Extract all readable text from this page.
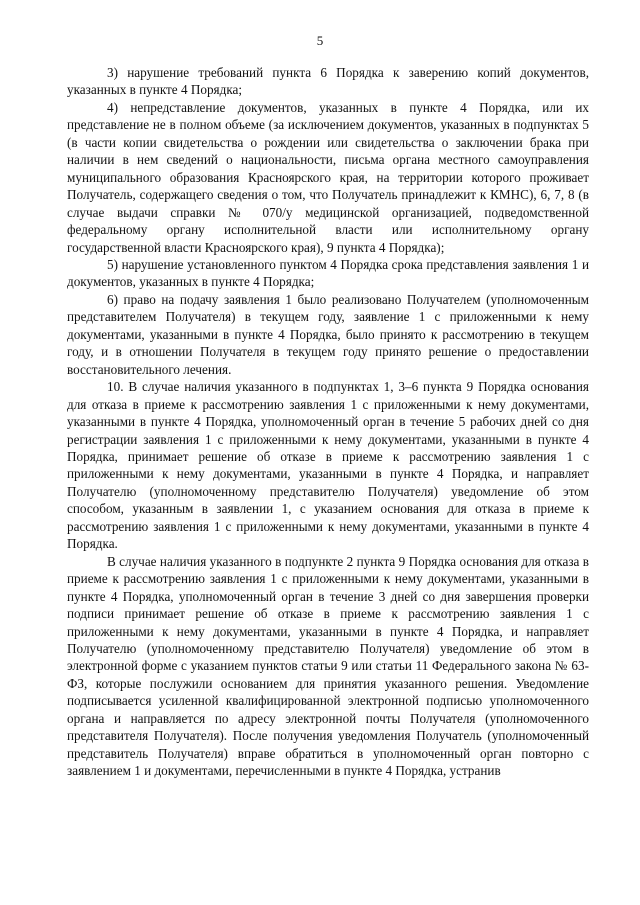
5

3) нарушение требований пункта 6 Порядка к заверению копий документов, указанных в пункте 4 Порядка;

4) непредставление документов, указанных в пункте 4 Порядка, или их представление не в полном объеме (за исключением документов, указанных в подпунктах 5 (в части копии свидетельства о рождении или свидетельства о заключении брака при наличии в нем сведений о национальности, письма органа местного самоуправления муниципального образования Красноярского края, на территории которого проживает Получатель, содержащего сведения о том, что Получатель принадлежит к КМНС), 6, 7, 8 (в случае выдачи справки № 070/у медицинской организацией, подведомственной федеральному органу исполнительной власти или исполнительному органу государственной власти Красноярского края), 9 пункта 4 Порядка);

5) нарушение установленного пунктом 4 Порядка срока представления заявления 1 и документов, указанных в пункте 4 Порядка;

6) право на подачу заявления 1 было реализовано Получателем (уполномоченным представителем Получателя) в текущем году, заявление 1 с приложенными к нему документами, указанными в пункте 4 Порядка, было принято к рассмотрению в текущем году, и в отношении Получателя в текущем году принято решение о предоставлении восстановительного лечения.

10. В случае наличия указанного в подпунктах 1, 3–6 пункта 9 Порядка основания для отказа в приеме к рассмотрению заявления 1 с приложенными к нему документами, указанными в пункте 4 Порядка, уполномоченный орган в течение 5 рабочих дней со дня регистрации заявления 1 с приложенными к нему документами, указанными в пункте 4 Порядка, принимает решение об отказе в приеме к рассмотрению заявления 1 с приложенными к нему документами, указанными в пункте 4 Порядка, и направляет Получателю (уполномоченному представителю Получателя) уведомление об этом способом, указанным в заявлении 1, с указанием основания для отказа в приеме к рассмотрению заявления 1 с приложенными к нему документами, указанными в пункте 4 Порядка.

В случае наличия указанного в подпункте 2 пункта 9 Порядка основания для отказа в приеме к рассмотрению заявления 1 с приложенными к нему документами, указанными в пункте 4 Порядка, уполномоченный орган в течение 3 дней со дня завершения проверки подписи принимает решение об отказе в приеме к рассмотрению заявления 1 с приложенными к нему документами, указанными в пункте 4 Порядка, и направляет Получателю (уполномоченному представителю Получателя) уведомление об этом в электронной форме с указанием пунктов статьи 9 или статьи 11 Федерального закона № 63-ФЗ, которые послужили основанием для принятия указанного решения. Уведомление подписывается усиленной квалифицированной электронной подписью уполномоченного органа и направляется по адресу электронной почты Получателя (уполномоченного представителя Получателя). После получения уведомления Получатель (уполномоченный представитель Получателя) вправе обратиться в уполномоченный орган повторно с заявлением 1 и документами, перечисленными в пункте 4 Порядка, устранив
